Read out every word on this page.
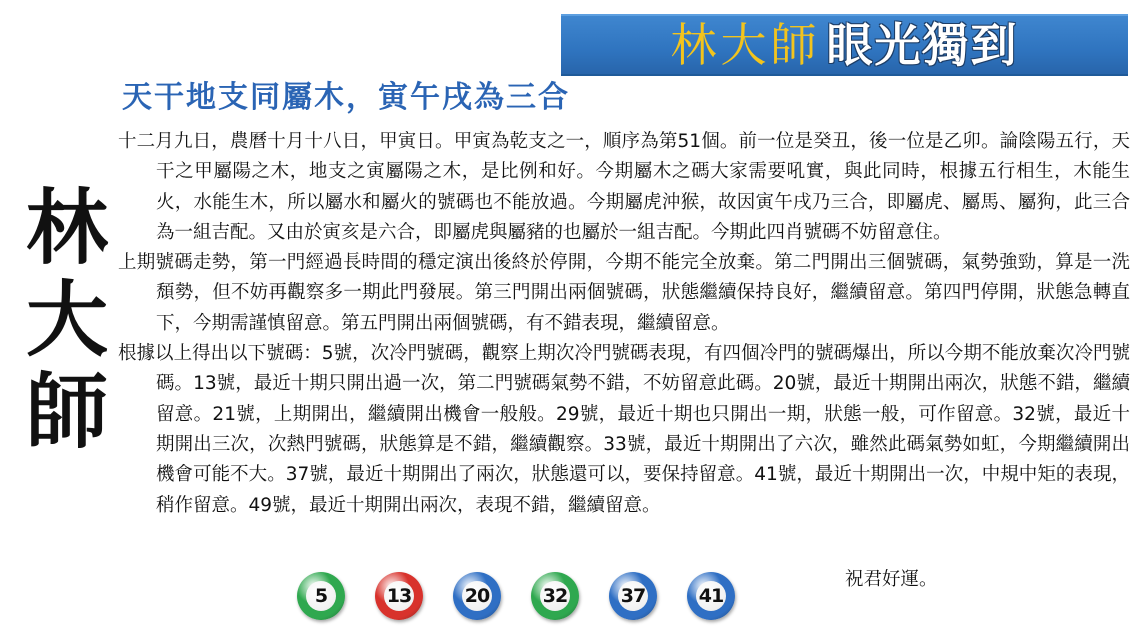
林大師 眼光獨到
天干地支同屬木，寅午戌為三合
林
大
師

十二月九日，農曆十月十八日，甲寅日。甲寅為乾支之一，順序為第51個。前一位是癸丑，後一位是乙卯。論陰陽五行，天干之甲屬陽之木，地支之寅屬陽之木，是比例和好。今期屬木之碼大家需要吼實，與此同時，根據五行相生，木能生火，水能生木，所以屬水和屬火的號碼也不能放過。今期屬虎沖猴，故因寅午戌乃三合，即屬虎、屬馬、屬狗，此三合為一組吉配。又由於寅亥是六合，即屬虎與屬豬的也屬於一組吉配。今期此四肖號碼不妨留意住。

上期號碼走勢，第一門經過長時間的穩定演出後終於停開，今期不能完全放棄。第二門開出三個號碼，氣勢強勁，算是一洗頹勢，但不妨再觀察多一期此門發展。第三門開出兩個號碼，狀態繼續保持良好，繼續留意。第四門停開，狀態急轉直下，今期需謹慎留意。第五門開出兩個號碼，有不錯表現，繼續留意。

根據以上得出以下號碼：5號，次冷門號碼，觀察上期次冷門號碼表現，有四個冷門的號碼爆出，所以今期不能放棄次冷門號碼。13號，最近十期只開出過一次，第二門號碼氣勢不錯，不妨留意此碼。20號，最近十期開出兩次，狀態不錯，繼續留意。21號，上期開出，繼續開出機會一般般。29號，最近十期也只開出一期，狀態一般，可作留意。32號，最近十期開出三次，次熱門號碼，狀態算是不錯，繼續觀察。33號，最近十期開出了六次，雖然此碼氣勢如虹，今期繼續開出機會可能不大。37號，最近十期開出了兩次，狀態還可以，要保持留意。41號，最近十期開出一次，中規中矩的表現，稍作留意。49號，最近十期開出兩次，表現不錯，繼續留意。

5	13	20	32	37	41
祝君好運。
